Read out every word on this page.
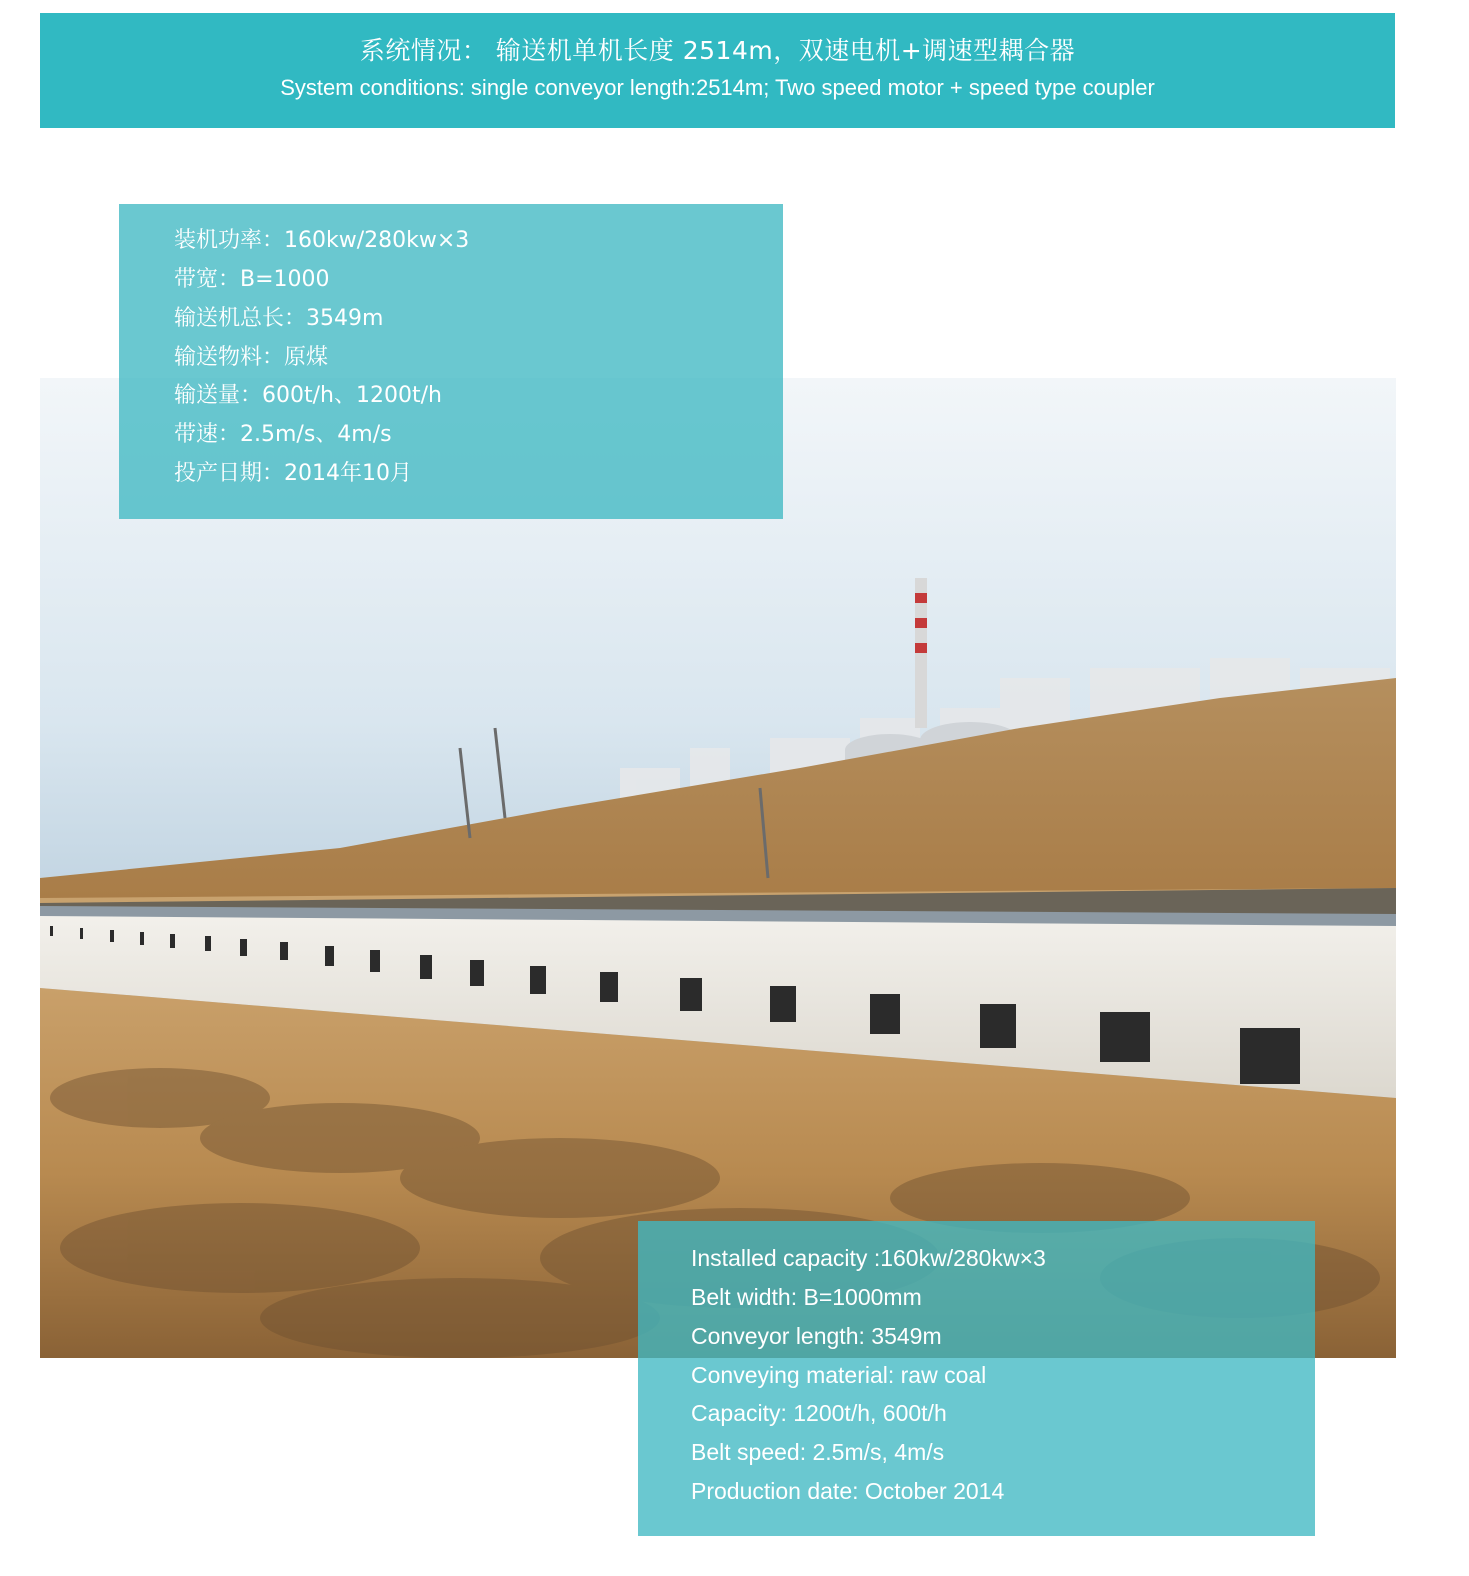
系统情况： 输送机单机长度 2514m，双速电机+调速型耦合器
System conditions: single conveyor length:2514m; Two speed motor + speed type coupler
装机功率：160kw/280kw×3
带宽：B=1000
输送机总长：3549m
输送物料：原煤
输送量：600t/h、1200t/h
带速：2.5m/s、4m/s
投产日期：2014年10月
Installed capacity :160kw/280kw×3
Belt width: B=1000mm
Conveyor length: 3549m
Conveying material: raw coal
Capacity: 1200t/h, 600t/h
Belt speed: 2.5m/s, 4m/s
Production date: October 2014
